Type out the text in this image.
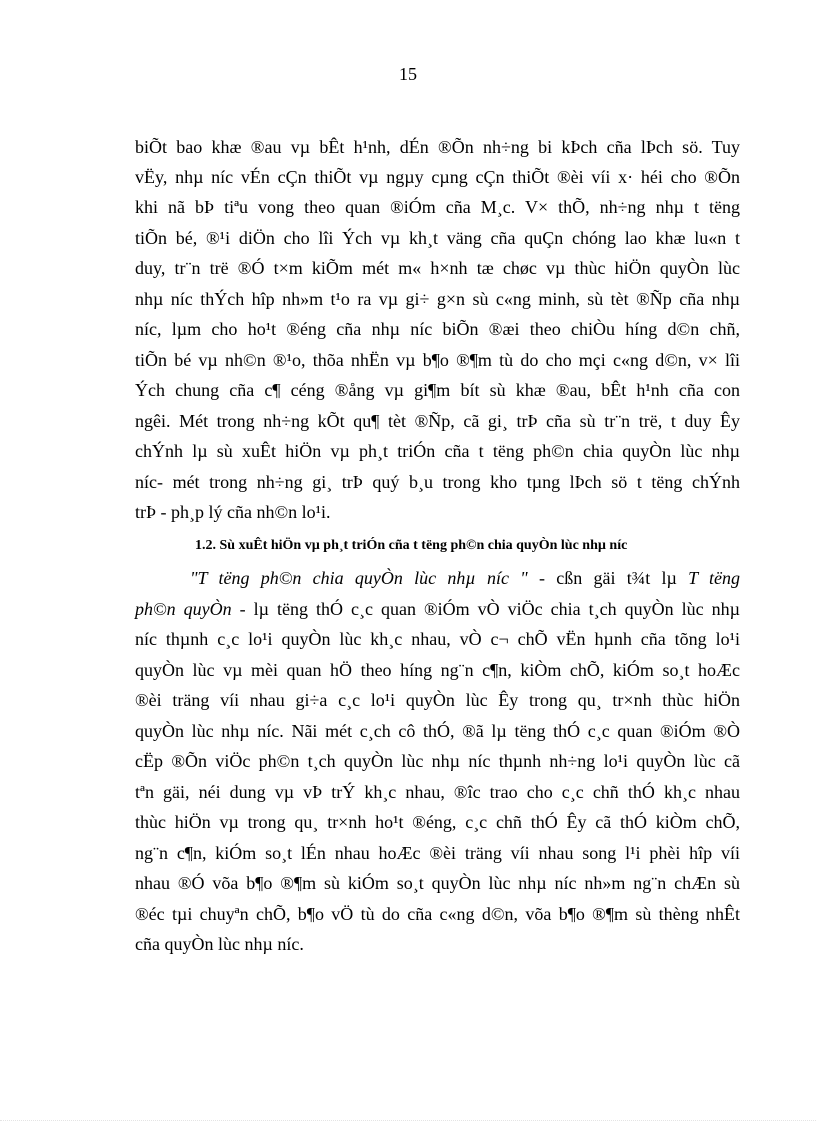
15
biÕt bao khæ ®au vµ bÊt h¹nh, dÉn ®Õn nh÷ng bi kÞch cña lÞch sö. Tuy
vËy, nhµ níc vÉn cÇn thiÕt vµ ngµy cµng cÇn thiÕt ®èi víi x· héi cho ®Õn
khi nã bÞ tiªu vong theo quan ®iÓm cña M¸c. V× thÕ, nh÷ng nhµ t tëng
tiÕn bé, ®¹i diÖn cho lîi Ých vµ kh¸t väng cña quÇn chóng lao khæ lu«n t
duy, tr¨n trë ®Ó t×m kiÕm mét m« h×nh tæ chøc vµ thùc hiÖn quyÒn lùc
nhµ níc thÝch hîp nh»m t¹o ra vµ gi÷ g×n sù c«ng minh, sù tèt ®Ñp cña nhµ
níc, lµm cho ho¹t ®éng cña nhµ níc biÕn ®æi theo chiÒu híng d©n chñ,
tiÕn bé vµ nh©n ®¹o, thõa nhËn vµ b¶o ®¶m tù do cho mçi c«ng d©n, v× lîi
Ých chung cña c¶ céng ®ång vµ gi¶m bít sù khæ ®au, bÊt h¹nh cña con
ngêi. Mét trong nh÷ng kÕt qu¶ tèt ®Ñp, cã gi¸ trÞ cña sù tr¨n trë, t duy Êy
chÝnh lµ sù xuÊt hiÖn vµ ph¸t triÓn cña t tëng ph©n chia quyÒn lùc nhµ
níc- mét trong nh÷ng gi¸ trÞ quý b¸u trong kho tµng lÞch sö t tëng chÝnh
trÞ - ph¸p lý cña nh©n lo¹i.
1.2. Sù xuÊt hiÖn vµ ph¸t triÓn cña t tëng ph©n chia quyÒn lùc nhµ níc
"T tëng ph©n chia quyÒn lùc nhµ níc " - cßn gäi t¾t lµ T tëng
ph©n quyÒn - lµ tëng thÓ c¸c quan ®iÓm vÒ viÖc chia t¸ch quyÒn lùc nhµ
níc thµnh c¸c lo¹i quyÒn lùc kh¸c nhau, vÒ c¬ chÕ vËn hµnh cña tõng lo¹i
quyÒn lùc vµ mèi quan hÖ theo híng ng¨n c¶n, kiÒm chÕ, kiÓm so¸t hoÆc
®èi träng víi nhau gi÷a c¸c lo¹i quyÒn lùc Êy trong qu¸ tr×nh thùc hiÖn
quyÒn lùc nhµ níc. Nãi mét c¸ch cô thÓ, ®ã lµ tëng thÓ c¸c quan ®iÓm ®Ò
cËp ®Õn viÖc ph©n t¸ch quyÒn lùc nhµ níc thµnh nh÷ng lo¹i quyÒn lùc cã
tªn gäi, néi dung vµ vÞ trÝ kh¸c nhau, ®îc trao cho c¸c chñ thÓ kh¸c nhau
thùc hiÖn vµ trong qu¸ tr×nh ho¹t ®éng, c¸c chñ thÓ Êy cã thÓ kiÒm chÕ,
ng¨n c¶n, kiÓm so¸t lÉn nhau hoÆc ®èi träng víi nhau song l¹i phèi hîp víi
nhau ®Ó võa b¶o ®¶m sù kiÓm so¸t quyÒn lùc nhµ níc nh»m ng¨n chÆn sù
®éc tµi chuyªn chÕ, b¶o vÖ tù do cña c«ng d©n, võa b¶o ®¶m sù thèng nhÊt
cña quyÒn lùc nhµ níc.
